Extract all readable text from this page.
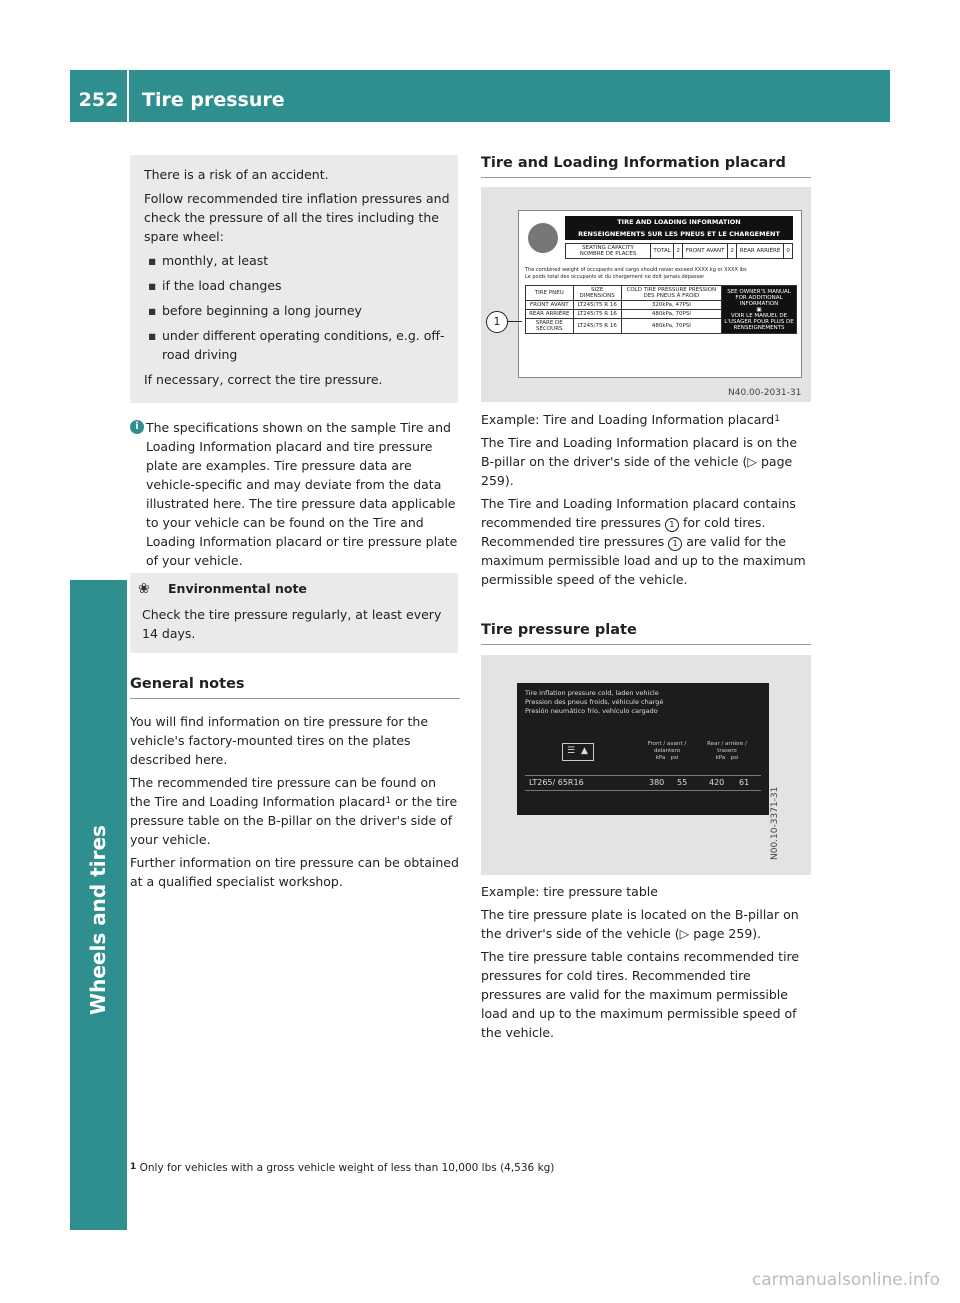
252	Tire pressure
Wheels and tires

There is a risk of an accident.

Follow recommended tire inflation pressures and check the pressure of all the tires including the spare wheel:

▪ monthly, at least
▪ if the load changes
▪ before beginning a long journey
▪ under different operating conditions, e.g. off-road driving

If necessary, correct the tire pressure.

i The specifications shown on the sample Tire and Loading Information placard and tire pressure plate are examples. Tire pressure data are vehicle-specific and may deviate from the data illustrated here. The tire pressure data applicable to your vehicle can be found on the Tire and Loading Information placard or tire pressure plate of your vehicle.
❀ Environmental note
Check the tire pressure regularly, at least every 14 days.
General notes

You will find information on tire pressure for the vehicle's factory-mounted tires on the plates described here.

The recommended tire pressure can be found on the Tire and Loading Information placard$^1$ or the tire pressure table on the B-pillar on the driver's side of your vehicle.

Further information on tire pressure can be obtained at a qualified specialist workshop.

Tire and Loading Information placard
TIRE AND LOADING INFORMATION
RENSEIGNEMENTS SUR LES PNEUS ET LE CHARGEMENT
SEATING CAPACITY
NOMBRE DE PLACES	TOTAL	2	FRONT AVANT	2	REAR ARRIÈRE	0
The combined weight of occupants and cargo should never exceed XXXX kg or XXXX lbs
Le poids total des occupants et du chargement ne doit jamais dépasser
TIRE PNEU	SIZE DIMENSIONS	COLD TIRE PRESSURE PRESSION DES PNEUS À FROID	SEE OWNER'S MANUAL FOR ADDITIONAL INFORMATION
▣
VOIR LE MANUEL DE L'USAGER POUR PLUS DE RENSEIGNEMENTS
FRONT AVANT	LT245/75 R 16	320kPa, 47PSI	
REAR ARRIÈRE	LT245/75 R 16	480kPa, 70PSI	
SPARE DE SECOURS	LT245/75 R 16	480kPa, 70PSI	
1
N40.00-2031-31

Example: Tire and Loading Information placard$^1$

The Tire and Loading Information placard is on the B-pillar on the driver's side of the vehicle (▷ page 259).

The Tire and Loading Information placard contains recommended tire pressures 1 for cold tires. Recommended tire pressures 1 are valid for the maximum permissible load and up to the maximum permissible speed of the vehicle.

Tire pressure plate
Tire inflation pressure cold, laden vehicle
Pression des pneus froids, véhicule chargé
Presión neumático frío, vehículo cargado
☰ ▲
Front / avant / delantero
kPa psi
Rear / arrière / trasero
kPa psi
LT265/ 65R16	380 55	420 61
N00.10-3371-31

Example: tire pressure table

The tire pressure plate is located on the B-pillar on the driver's side of the vehicle (▷ page 259).

The tire pressure table contains recommended tire pressures for cold tires. Recommended tire pressures are valid for the maximum permissible load and up to the maximum permissible speed of the vehicle.

1 Only for vehicles with a gross vehicle weight of less than 10,000 lbs (4,536 kg)
carmanualsonline.info
